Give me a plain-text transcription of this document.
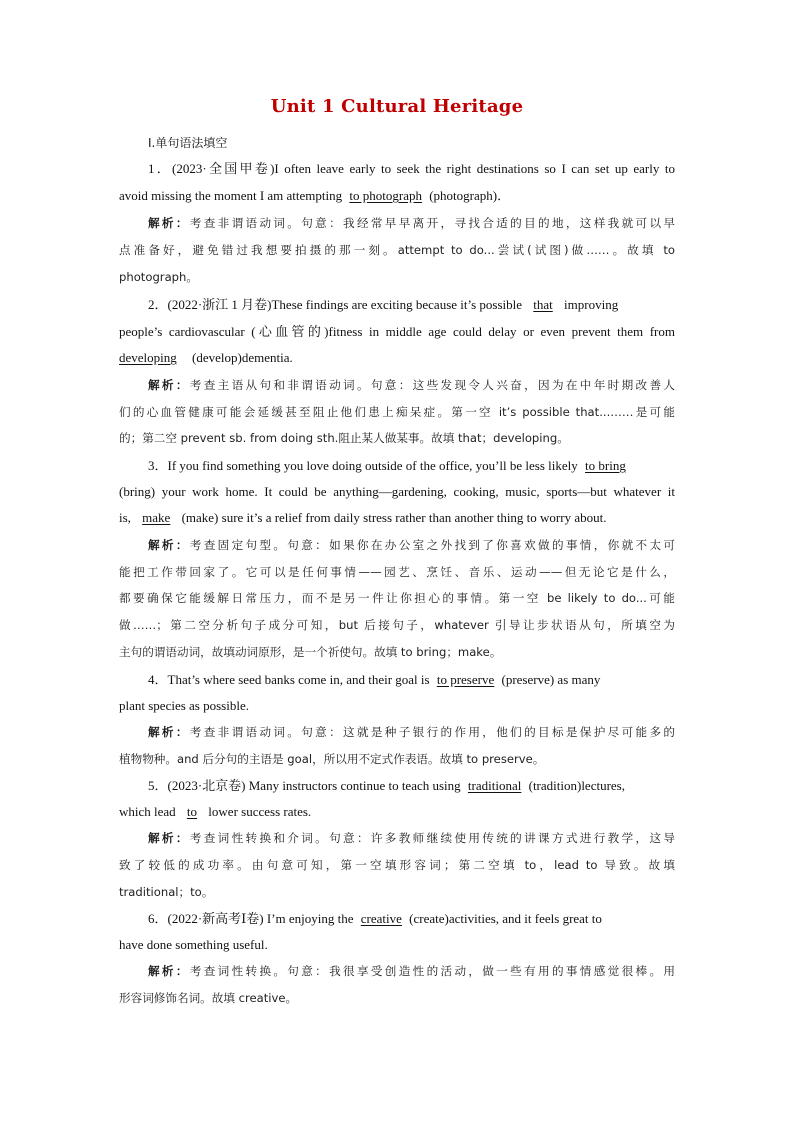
Unit 1 Cultural Heritage
Ⅰ.单句语法填空
1．(2023·全国甲卷)I often leave early to seek the right destinations so I can set up early to
avoid missing the moment I am attempting to photograph (photograph)．
解析：考查非谓语动词。句意：我经常早早离开，寻找合适的目的地，这样我就可以早
点准备好，避免错过我想要拍摄的那一刻。attempt to do...尝试(试图)做……。故填 to
photograph。
2．(2022·浙江 1 月卷)These findings are exciting because it’s possible that improving
people’s cardiovascular (心血管的)fitness in middle age could delay or even prevent them from
developing (develop)dementia.
解析：考查主语从句和非谓语动词。句意：这些发现令人兴奋，因为在中年时期改善人
们的心血管健康可能会延缓甚至阻止他们患上痴呆症。第一空 it’s possible that...……是可能
的；第二空 prevent sb. from doing sth.阻止某人做某事。故填 that；developing。
3．If you find something you love doing outside of the office, you’ll be less likely to bring
(bring) your work home. It could be anything—gardening, cooking, music, sports—but whatever it
is, make (make) sure it’s a relief from daily stress rather than another thing to worry about.
解析：考查固定句型。句意：如果你在办公室之外找到了你喜欢做的事情，你就不太可
能把工作带回家了。它可以是任何事情——园艺、烹饪、音乐、运动——但无论它是什么，
都要确保它能缓解日常压力，而不是另一件让你担心的事情。第一空 be likely to do...可能
做……；第二空分析句子成分可知，but 后接句子，whatever 引导让步状语从句，所填空为
主句的谓语动词，故填动词原形，是一个祈使句。故填 to bring；make。
4．That’s where seed banks come in, and their goal is to preserve (preserve) as many
plant species as possible.
解析：考查非谓语动词。句意：这就是种子银行的作用，他们的目标是保护尽可能多的
植物物种。and 后分句的主语是 goal，所以用不定式作表语。故填 to preserve。
5．(2023·北京卷) Many instructors continue to teach using traditional (tradition)lectures,
which lead to lower success rates.
解析：考查词性转换和介词。句意：许多教师继续使用传统的讲课方式进行教学，这导
致了较低的成功率。由句意可知，第一空填形容词；第二空填 to，lead to 导致。故填
traditional；to。
6．(2022·新高考Ⅰ卷) I’m enjoying the creative (create)activities, and it feels great to
have done something useful.
解析：考查词性转换。句意：我很享受创造性的活动，做一些有用的事情感觉很棒。用
形容词修饰名词。故填 creative。
